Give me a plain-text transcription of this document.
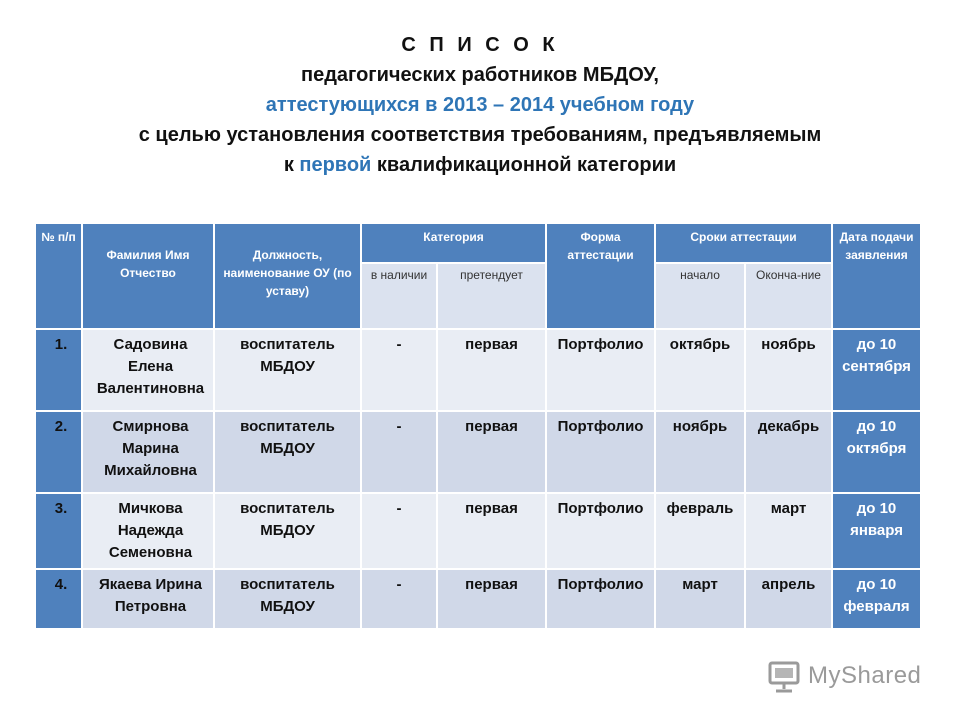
С П И С О К
педагогических работников МБДОУ,
аттестующихся в 2013 – 2014 учебном году
с целью установления соответствия требованиям, предъявляемым
к первой квалификационной категории
№ п/п	Фамилия Имя Отчество	Должность, наименование ОУ (по уставу)	Категория		Форма аттестации	Сроки аттестации		Дата подачи заявления
			в наличии	претендует		начало	Оконча-ние	
1.	Садовина Елена Валентиновна	воспитатель МБДОУ	-	первая	Портфолио	октябрь	ноябрь	до 10 сентября
2.	Смирнова Марина Михайловна	воспитатель МБДОУ	-	первая	Портфолио	ноябрь	декабрь	до 10 октября
3.	Мичкова Надежда Семеновна	воспитатель МБДОУ	-	первая	Портфолио	февраль	март	до 10 января
4.	Якаева Ирина Петровна	воспитатель МБДОУ	-	первая	Портфолио	март	апрель	до 10 февраля
MyShared
